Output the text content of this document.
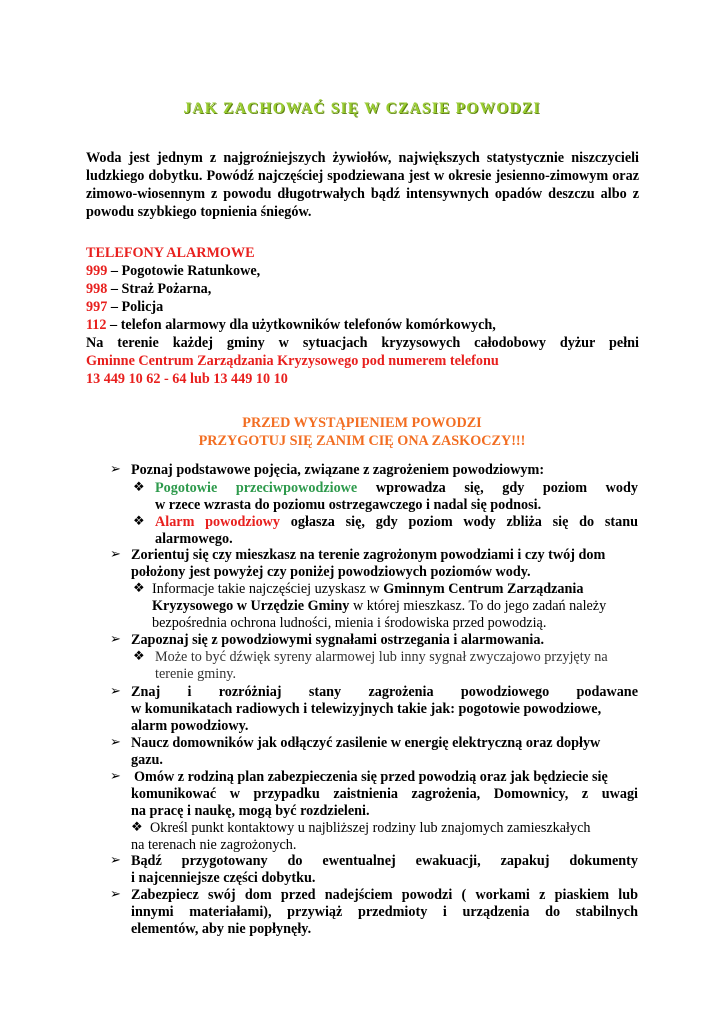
JAK ZACHOWAĆ SIĘ W CZASIE POWODZI
Woda jest jednym z najgroźniejszych żywiołów, największych statystycznie niszczycieli ludzkiego dobytku. Powódź najczęściej spodziewana jest w okresie jesienno-zimowym oraz zimowo-wiosennym z powodu długotrwałych bądź intensywnych opadów deszczu albo z powodu szybkiego topnienia śniegów.
TELEFONY ALARMOWE
999 – Pogotowie Ratunkowe,
998 – Straż Pożarna,
997 – Policja
112 – telefon alarmowy dla użytkowników telefonów komórkowych,
Na terenie każdej gminy w sytuacjach kryzysowych całodobowy dyżur pełni
Gminne Centrum Zarządzania Kryzysowego pod numerem telefonu
13 449 10 62 - 64 lub 13 449 10 10
PRZED WYSTĄPIENIEM POWODZI
PRZYGOTUJ SIĘ ZANIM CIĘ ONA ZASKOCZY!!!
➢ Poznaj podstawowe pojęcia, związane z zagrożeniem powodziowym:
❖ Pogotowie przeciwpowodziowe wprowadza się, gdy poziom wody
w rzece wzrasta do poziomu ostrzegawczego i nadal się podnosi.
❖ Alarm powodziowy ogłasza się, gdy poziom wody zbliża się do stanu
alarmowego.
➢ Zorientuj się czy mieszkasz na terenie zagrożonym powodziami i czy twój dom
położony jest powyżej czy poniżej powodziowych poziomów wody.
❖ Informacje takie najczęściej uzyskasz w Gminnym Centrum Zarządzania
Kryzysowego w Urzędzie Gminy w której mieszkasz. To do jego zadań należy
bezpośrednia ochrona ludności, mienia i środowiska przed powodzią.
➢ Zapoznaj się z powodziowymi sygnałami ostrzegania i alarmowania.
❖ Może to być dźwięk syreny alarmowej lub inny sygnał zwyczajowo przyjęty na
terenie gminy.
➢ Znaj i rozróżniaj stany zagrożenia powodziowego podawane
w komunikatach radiowych i telewizyjnych takie jak: pogotowie powodziowe,
alarm powodziowy.
➢ Naucz domowników jak odłączyć zasilenie w energię elektryczną oraz dopływ
gazu.
➢ Omów z rodziną plan zabezpieczenia się przed powodzią oraz jak będziecie się
komunikować w przypadku zaistnienia zagrożenia, Domownicy, z uwagi
na pracę i naukę, mogą być rozdzieleni.
❖ Określ punkt kontaktowy u najbliższej rodziny lub znajomych zamieszkałych
na terenach nie zagrożonych.
➢ Bądź przygotowany do ewentualnej ewakuacji, zapakuj dokumenty
i najcenniejsze części dobytku.
➢ Zabezpiecz swój dom przed nadejściem powodzi ( workami z piaskiem lub
innymi materiałami), przywiąż przedmioty i urządzenia do stabilnych
elementów, aby nie popłynęły.
